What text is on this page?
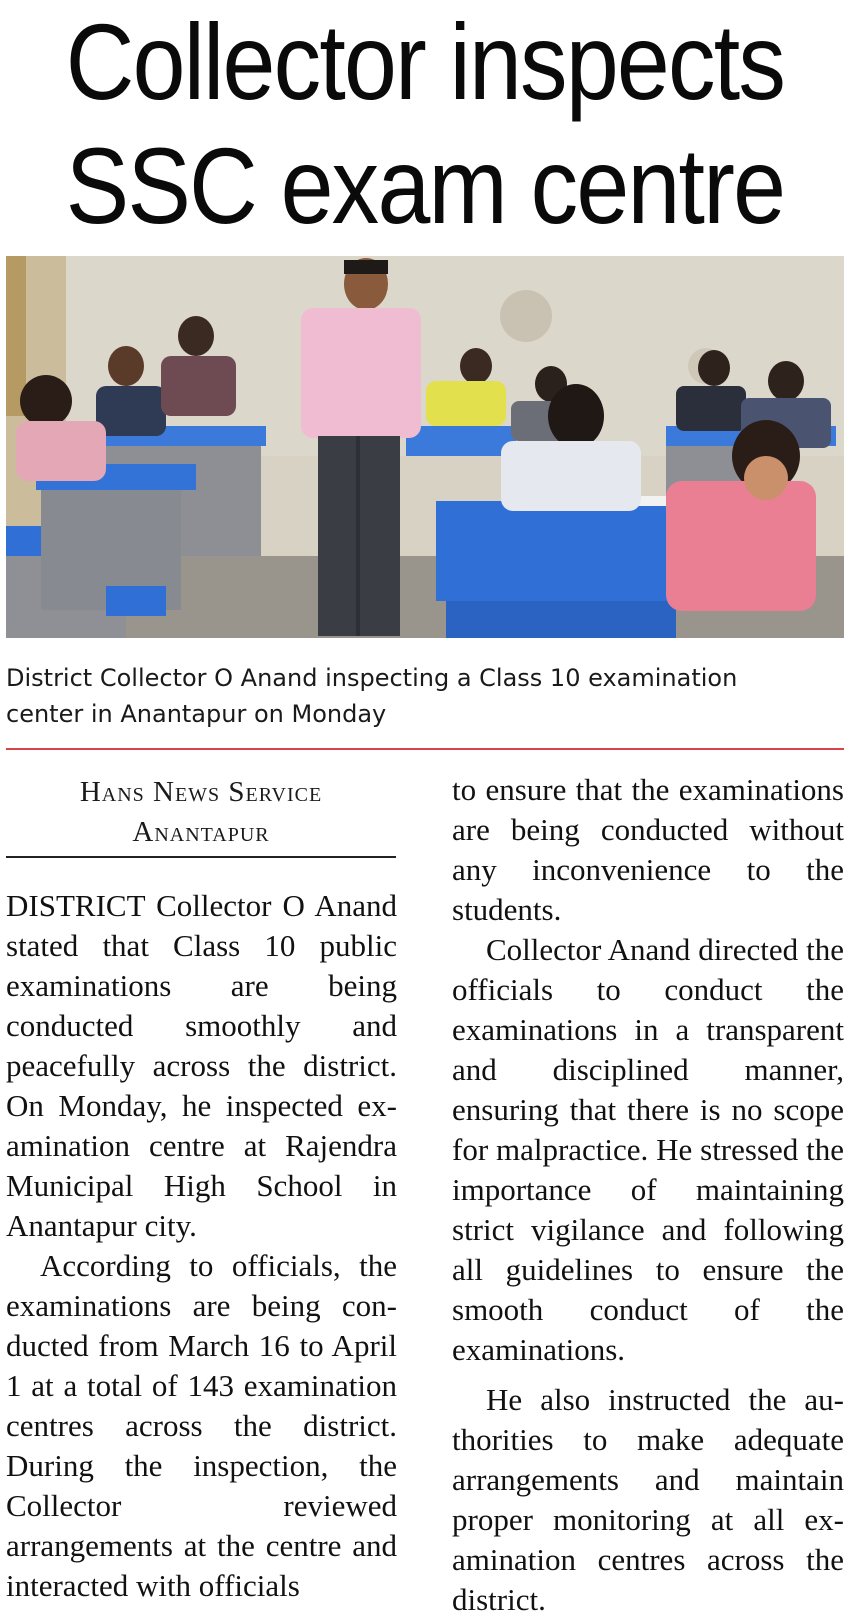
Collector inspects
SSC exam centre
District Collector O Anand inspecting a Class 10 examination
center in Anantapur on Monday
Hans News Service
Anantapur

DISTRICT Collector O Anand stated that Class 10 public examinations are being conducted smoothly and peacefully across the district. On Monday, he inspected examination centre at Rajendra Municipal High School in Anantapur city.

According to officials, the examinations are being conducted from March 16 to April 1 at a total of 143 examination centres across the district. During the inspection, the Collector reviewed arrangements at the centre and interacted with officials

to ensure that the examinations are being conducted without any inconvenience to the students.

Collector Anand directed the officials to conduct the examinations in a transparent and disciplined manner, ensuring that there is no scope for malpractice. He stressed the importance of maintaining strict vigilance and following all guidelines to ensure the smooth conduct of the examinations.

He also instructed the authorities to make adequate arrangements and maintain proper monitoring at all examination centres across the district.
